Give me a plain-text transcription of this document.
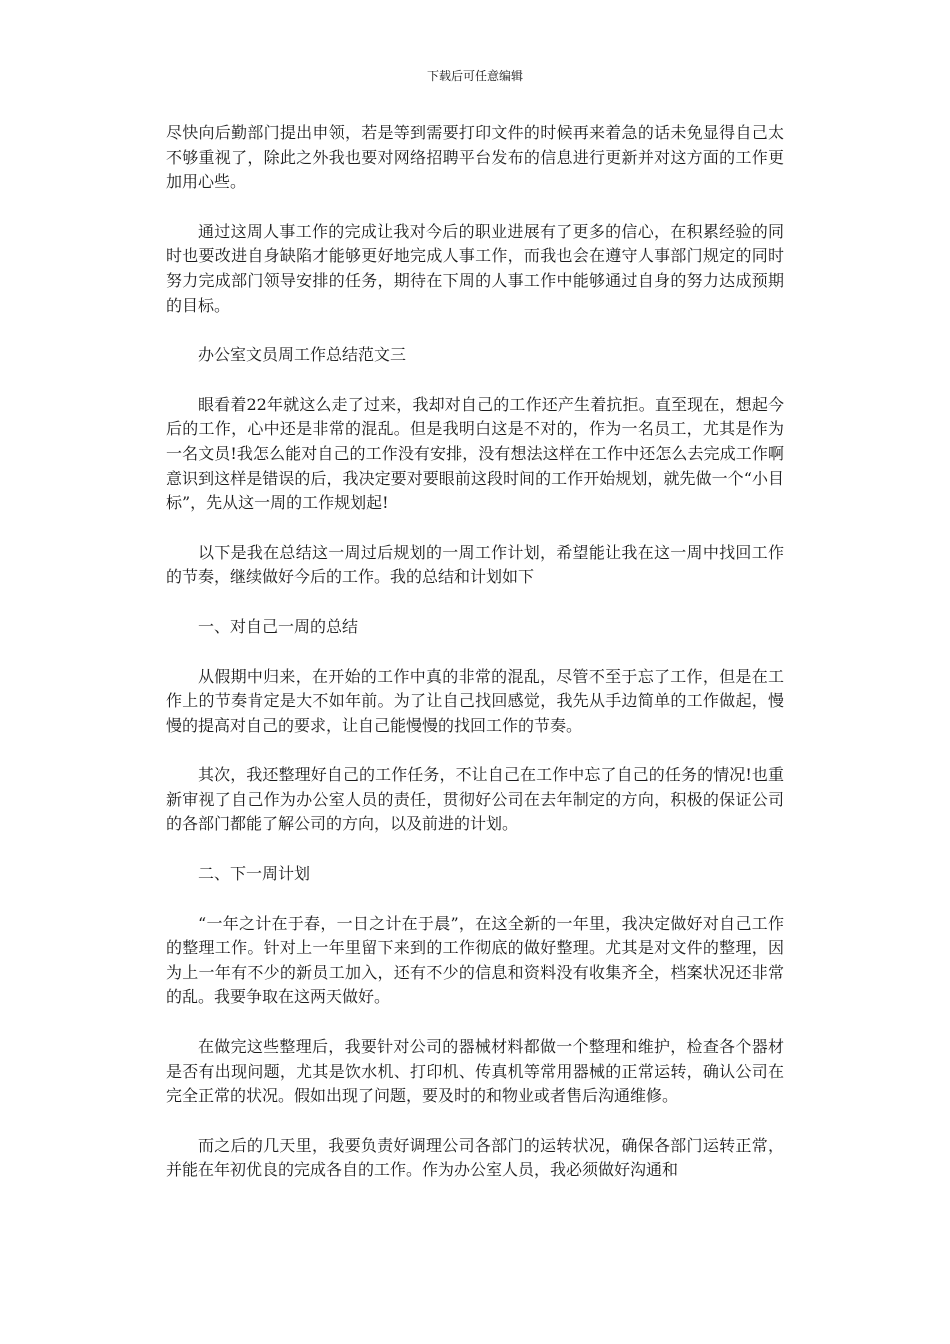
下载后可任意编辑

尽快向后勤部门提出申领，若是等到需要打印文件的时候再来着急的话未免显得自己太不够重视了，除此之外我也要对网络招聘平台发布的信息进行更新并对这方面的工作更加用心些。

通过这周人事工作的完成让我对今后的职业进展有了更多的信心，在积累经验的同时也要改进自身缺陷才能够更好地完成人事工作，而我也会在遵守人事部门规定的同时努力完成部门领导安排的任务，期待在下周的人事工作中能够通过自身的努力达成预期的目标。

办公室文员周工作总结范文三

眼看着22年就这么走了过来，我却对自己的工作还产生着抗拒。直至现在，想起今后的工作，心中还是非常的混乱。但是我明白这是不对的，作为一名员工，尤其是作为一名文员!我怎么能对自己的工作没有安排，没有想法这样在工作中还怎么去完成工作啊意识到这样是错误的后，我决定要对要眼前这段时间的工作开始规划，就先做一个“小目标”，先从这一周的工作规划起!

以下是我在总结这一周过后规划的一周工作计划，希望能让我在这一周中找回工作的节奏，继续做好今后的工作。我的总结和计划如下

一、对自己一周的总结

从假期中归来，在开始的工作中真的非常的混乱，尽管不至于忘了工作，但是在工作上的节奏肯定是大不如年前。为了让自己找回感觉，我先从手边简单的工作做起，慢慢的提高对自己的要求，让自己能慢慢的找回工作的节奏。

其次，我还整理好自己的工作任务，不让自己在工作中忘了自己的任务的情况!也重新审视了自己作为办公室人员的责任，贯彻好公司在去年制定的方向，积极的保证公司的各部门都能了解公司的方向，以及前进的计划。

二、下一周计划

“一年之计在于春，一日之计在于晨”，在这全新的一年里，我决定做好对自己工作的整理工作。针对上一年里留下来到的工作彻底的做好整理。尤其是对文件的整理，因为上一年有不少的新员工加入，还有不少的信息和资料没有收集齐全，档案状况还非常的乱。我要争取在这两天做好。

在做完这些整理后，我要针对公司的器械材料都做一个整理和维护，检查各个器材是否有出现问题，尤其是饮水机、打印机、传真机等常用器械的正常运转，确认公司在完全正常的状况。假如出现了问题，要及时的和物业或者售后沟通维修。

而之后的几天里，我要负责好调理公司各部门的运转状况，确保各部门运转正常，并能在年初优良的完成各自的工作。作为办公室人员，我必须做好沟通和
